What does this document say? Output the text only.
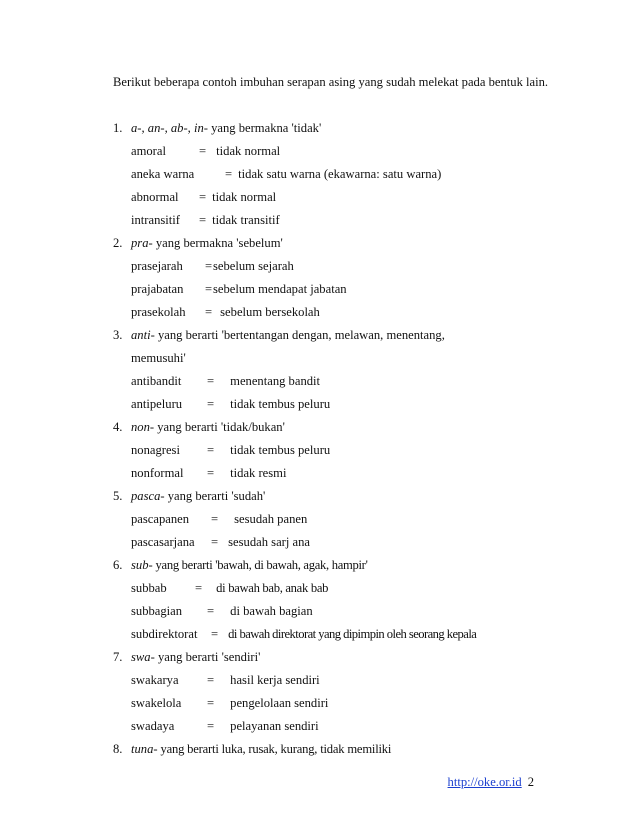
Berikut beberapa contoh imbuhan serapan asing yang sudah melekat pada bentuk lain.
1. a-, an-, ab-, in- yang bermakna 'tidak'
amoral	= tidak normal
aneka warna = tidak satu warna (ekawarna: satu warna)
abnormal = tidak normal
intransitif = tidak transitif
2. pra- yang bermakna 'sebelum'
prasejarah =sebelum sejarah
prajabatan =sebelum mendapat jabatan
prasekolah = sebelum bersekolah
3. anti- yang berarti 'bertentangan dengan, melawan, menentang,
memusuhi'
antibandit = menentang bandit
antipeluru = tidak tembus peluru
4. non- yang berarti 'tidak/bukan'
nonagresi = tidak tembus peluru
nonformal = tidak resmi
5. pasca- yang berarti 'sudah'
pascapanen = sesudah panen
pascasarjana = sesudah sarj ana
6. sub- yang berarti 'bawah, di bawah, agak, hampir'
subbab = di bawah bab, anak bab
subbagian = di bawah bagian
subdirektorat = di bawah direktorat yang dipimpin oleh seorang kepala
7. swa- yang berarti 'sendiri'
swakarya = hasil kerja sendiri
swakelola = pengelolaan sendiri
swadaya	= pelayanan sendiri
8. tuna- yang berarti luka, rusak, kurang, tidak memiliki
http://oke.or.id 2
